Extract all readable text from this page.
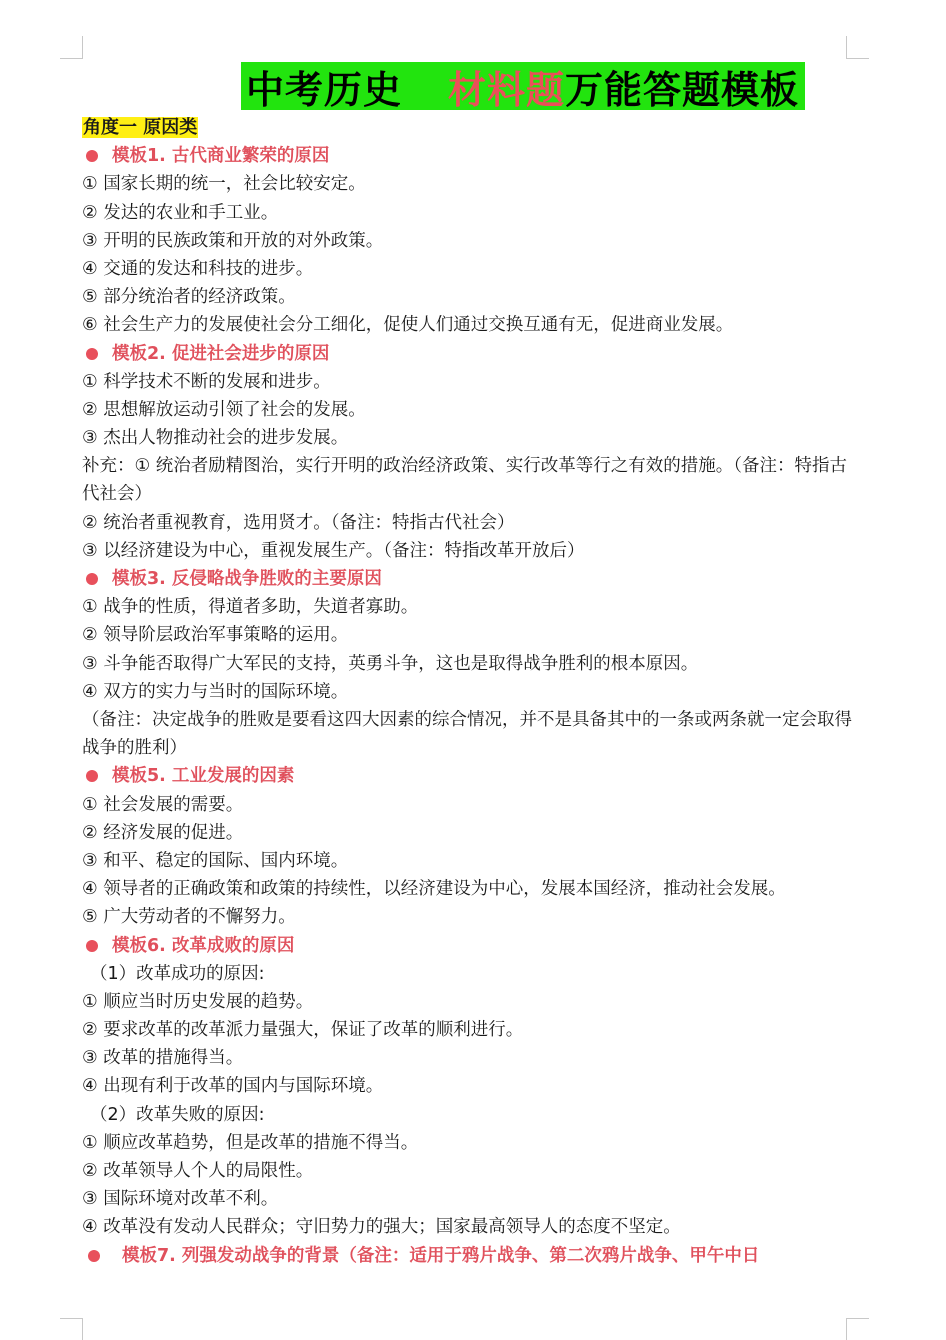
中考历史 材料题 万能答题模板
角度一 原因类
模板1. 古代商业繁荣的原因
① 国家长期的统一，社会比较安定。
② 发达的农业和手工业。
③ 开明的民族政策和开放的对外政策。
④ 交通的发达和科技的进步。
⑤ 部分统治者的经济政策。
⑥ 社会生产力的发展使社会分工细化，促使人们通过交换互通有无，促进商业发展。
模板2. 促进社会进步的原因
① 科学技术不断的发展和进步。
② 思想解放运动引领了社会的发展。
③ 杰出人物推动社会的进步发展。
补充：① 统治者励精图治，实行开明的政治经济政策、实行改革等行之有效的措施。（备注：特指古代社会）
② 统治者重视教育，选用贤才。（备注：特指古代社会）
③ 以经济建设为中心，重视发展生产。（备注：特指改革开放后）
模板3. 反侵略战争胜败的主要原因
① 战争的性质，得道者多助，失道者寡助。
② 领导阶层政治军事策略的运用。
③ 斗争能否取得广大军民的支持，英勇斗争，这也是取得战争胜利的根本原因。
④ 双方的实力与当时的国际环境。
（备注：决定战争的胜败是要看这四大因素的综合情况，并不是具备其中的一条或两条就一定会取得战争的胜利）
模板5. 工业发展的因素
① 社会发展的需要。
② 经济发展的促进。
③ 和平、稳定的国际、国内环境。
④ 领导者的正确政策和政策的持续性，以经济建设为中心，发展本国经济，推动社会发展。
⑤ 广大劳动者的不懈努力。
模板6. 改革成败的原因
（1）改革成功的原因:
① 顺应当时历史发展的趋势。
② 要求改革的改革派力量强大，保证了改革的顺利进行。
③ 改革的措施得当。
④ 出现有利于改革的国内与国际环境。
（2）改革失败的原因:
① 顺应改革趋势，但是改革的措施不得当。
② 改革领导人个人的局限性。
③ 国际环境对改革不利。
④ 改革没有发动人民群众；守旧势力的强大；国家最高领导人的态度不坚定。
模板7. 列强发动战争的背景（备注：适用于鸦片战争、第二次鸦片战争、甲午中日
